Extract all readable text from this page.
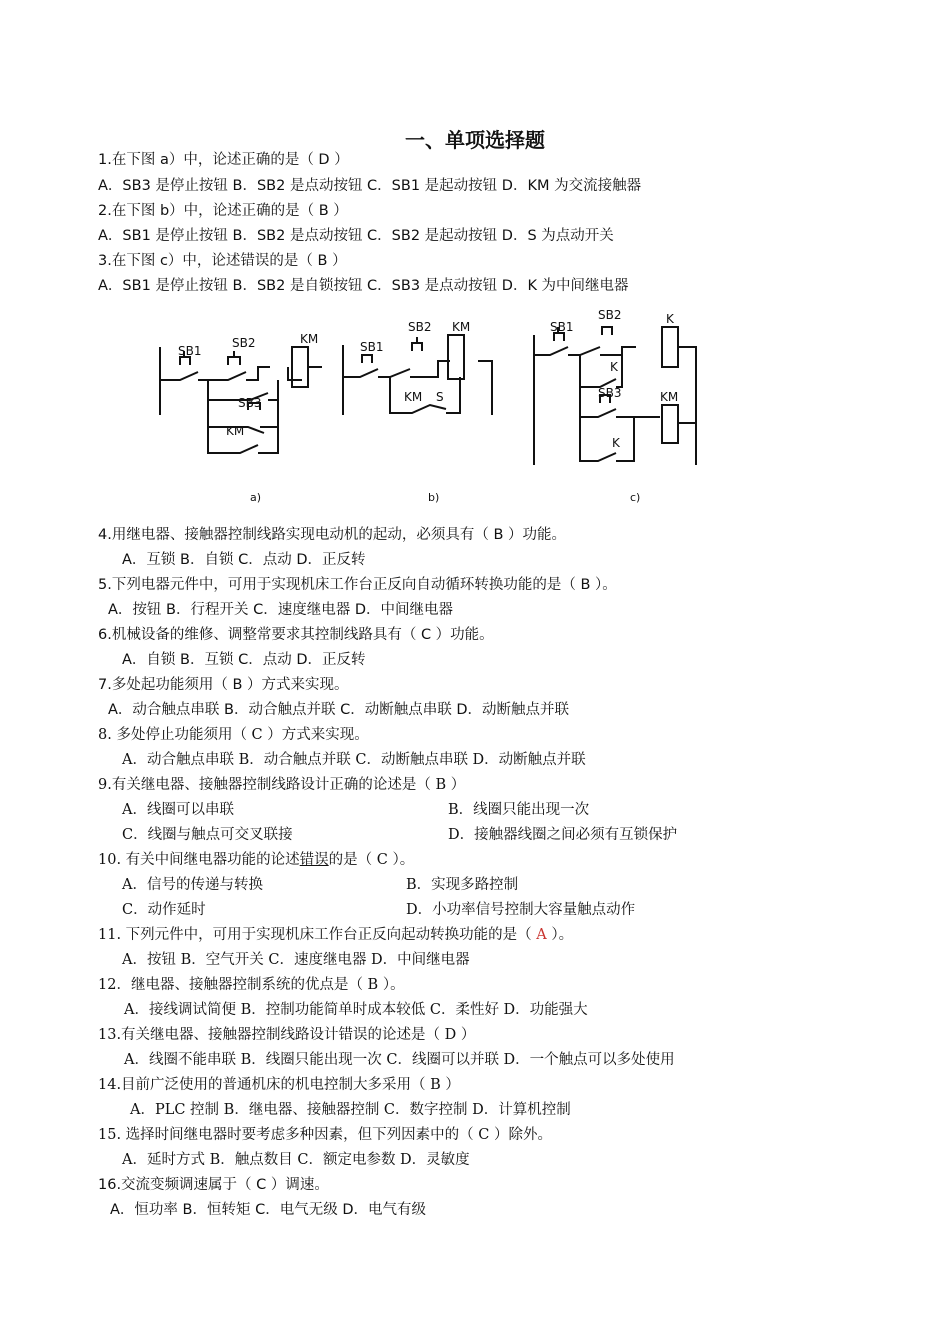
一、单项选择题
1.在下图 a）中，论述正确的是（ D ）
A．SB3 是停止按钮 B．SB2 是点动按钮 C．SB1 是起动按钮 D．KM 为交流接触器
2.在下图 b）中，论述正确的是（ B ）
A．SB1 是停止按钮 B．SB2 是点动按钮 C．SB2 是起动按钮 D．S 为点动开关
3.在下图 c）中，论述错误的是（ B ）
A．SB1 是停止按钮 B．SB2 是自锁按钮 C．SB3 是点动按钮 D．K 为中间继电器
SB1
SB2	KM
SB3
KM
SB1
SB2 KM
KM S
SB1
SB2	K
K
SB3	KM
K
a)	b)	c)
4.用继电器、接触器控制线路实现电动机的起动，必须具有（ B ）功能。
A．互锁 B．自锁 C．点动 D．正反转
5.下列电器元件中，可用于实现机床工作台正反向自动循环转换功能的是（ B ）。
A．按钮 B．行程开关 C．速度继电器 D．中间继电器
6.机械设备的维修、调整常要求其控制线路具有（ C ）功能。
A．自锁 B．互锁 C．点动 D．正反转
7.多处起功能须用（ B ）方式来实现。
A．动合触点串联 B．动合触点并联 C．动断触点串联 D．动断触点并联
8. 多处停止功能须用（ C ）方式来实现。
A．动合触点串联 B．动合触点并联 C．动断触点串联 D．动断触点并联
9.有关继电器、接触器控制线路设计正确的论述是（ B ）
A．线圈可以串联	B．线圈只能出现一次
C．线圈与触点可交叉联接	D．接触器线圈之间必须有互锁保护
10. 有关中间继电器功能的论述错误的是（ C ）。
A．信号的传递与转换	B．实现多路控制
C．动作延时	D．小功率信号控制大容量触点动作
11. 下列元件中，可用于实现机床工作台正反向起动转换功能的是（ A ）。
A．按钮 B．空气开关 C．速度继电器 D．中间继电器
12．继电器、接触器控制系统的优点是（ B ）。
A．接线调试简便 B．控制功能简单时成本较低 C．柔性好 D．功能强大
13.有关继电器、接触器控制线路设计错误的论述是（ D ）
A．线圈不能串联 B．线圈只能出现一次 C．线圈可以并联 D．一个触点可以多处使用
14.目前广泛使用的普通机床的机电控制大多采用（ B ）
A．PLC 控制 B．继电器、接触器控制 C．数字控制 D．计算机控制
15. 选择时间继电器时要考虑多种因素，但下列因素中的（ C ）除外。
A．延时方式 B．触点数目 C．额定电参数 D．灵敏度
16.交流变频调速属于（ C ）调速。
A．恒功率 B．恒转矩 C．电气无级 D．电气有级
